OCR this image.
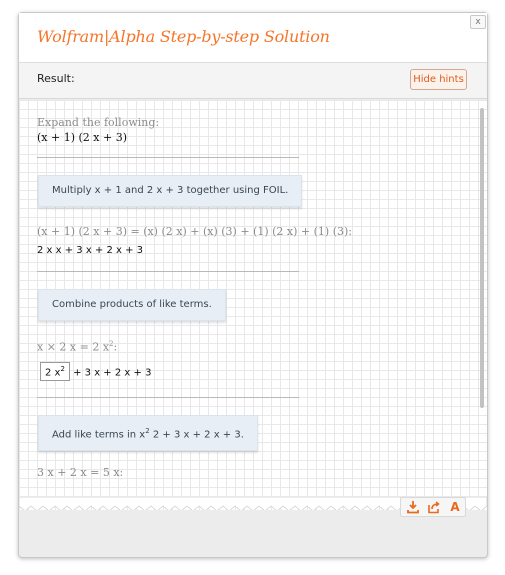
Wolfram|Alpha Step-by-step Solution
x
Result:	Hide hints
Expand the following:
(x + 1) (2 x + 3)
Multiply x + 1 and 2 x + 3 together using FOIL.
(x + 1) (2 x + 3) = (x) (2 x) + (x) (3) + (1) (2 x) + (1) (3):
2 x x + 3 x + 2 x + 3
Combine products of like terms.
x × 2 x = 2 $x^2$:
2 $x^2 + 3$ x + 2 x + 3
Add like terms in $x^2$ 2 + 3 x + 2 x + 3.
3 x + 2 x = 5 x:
A
